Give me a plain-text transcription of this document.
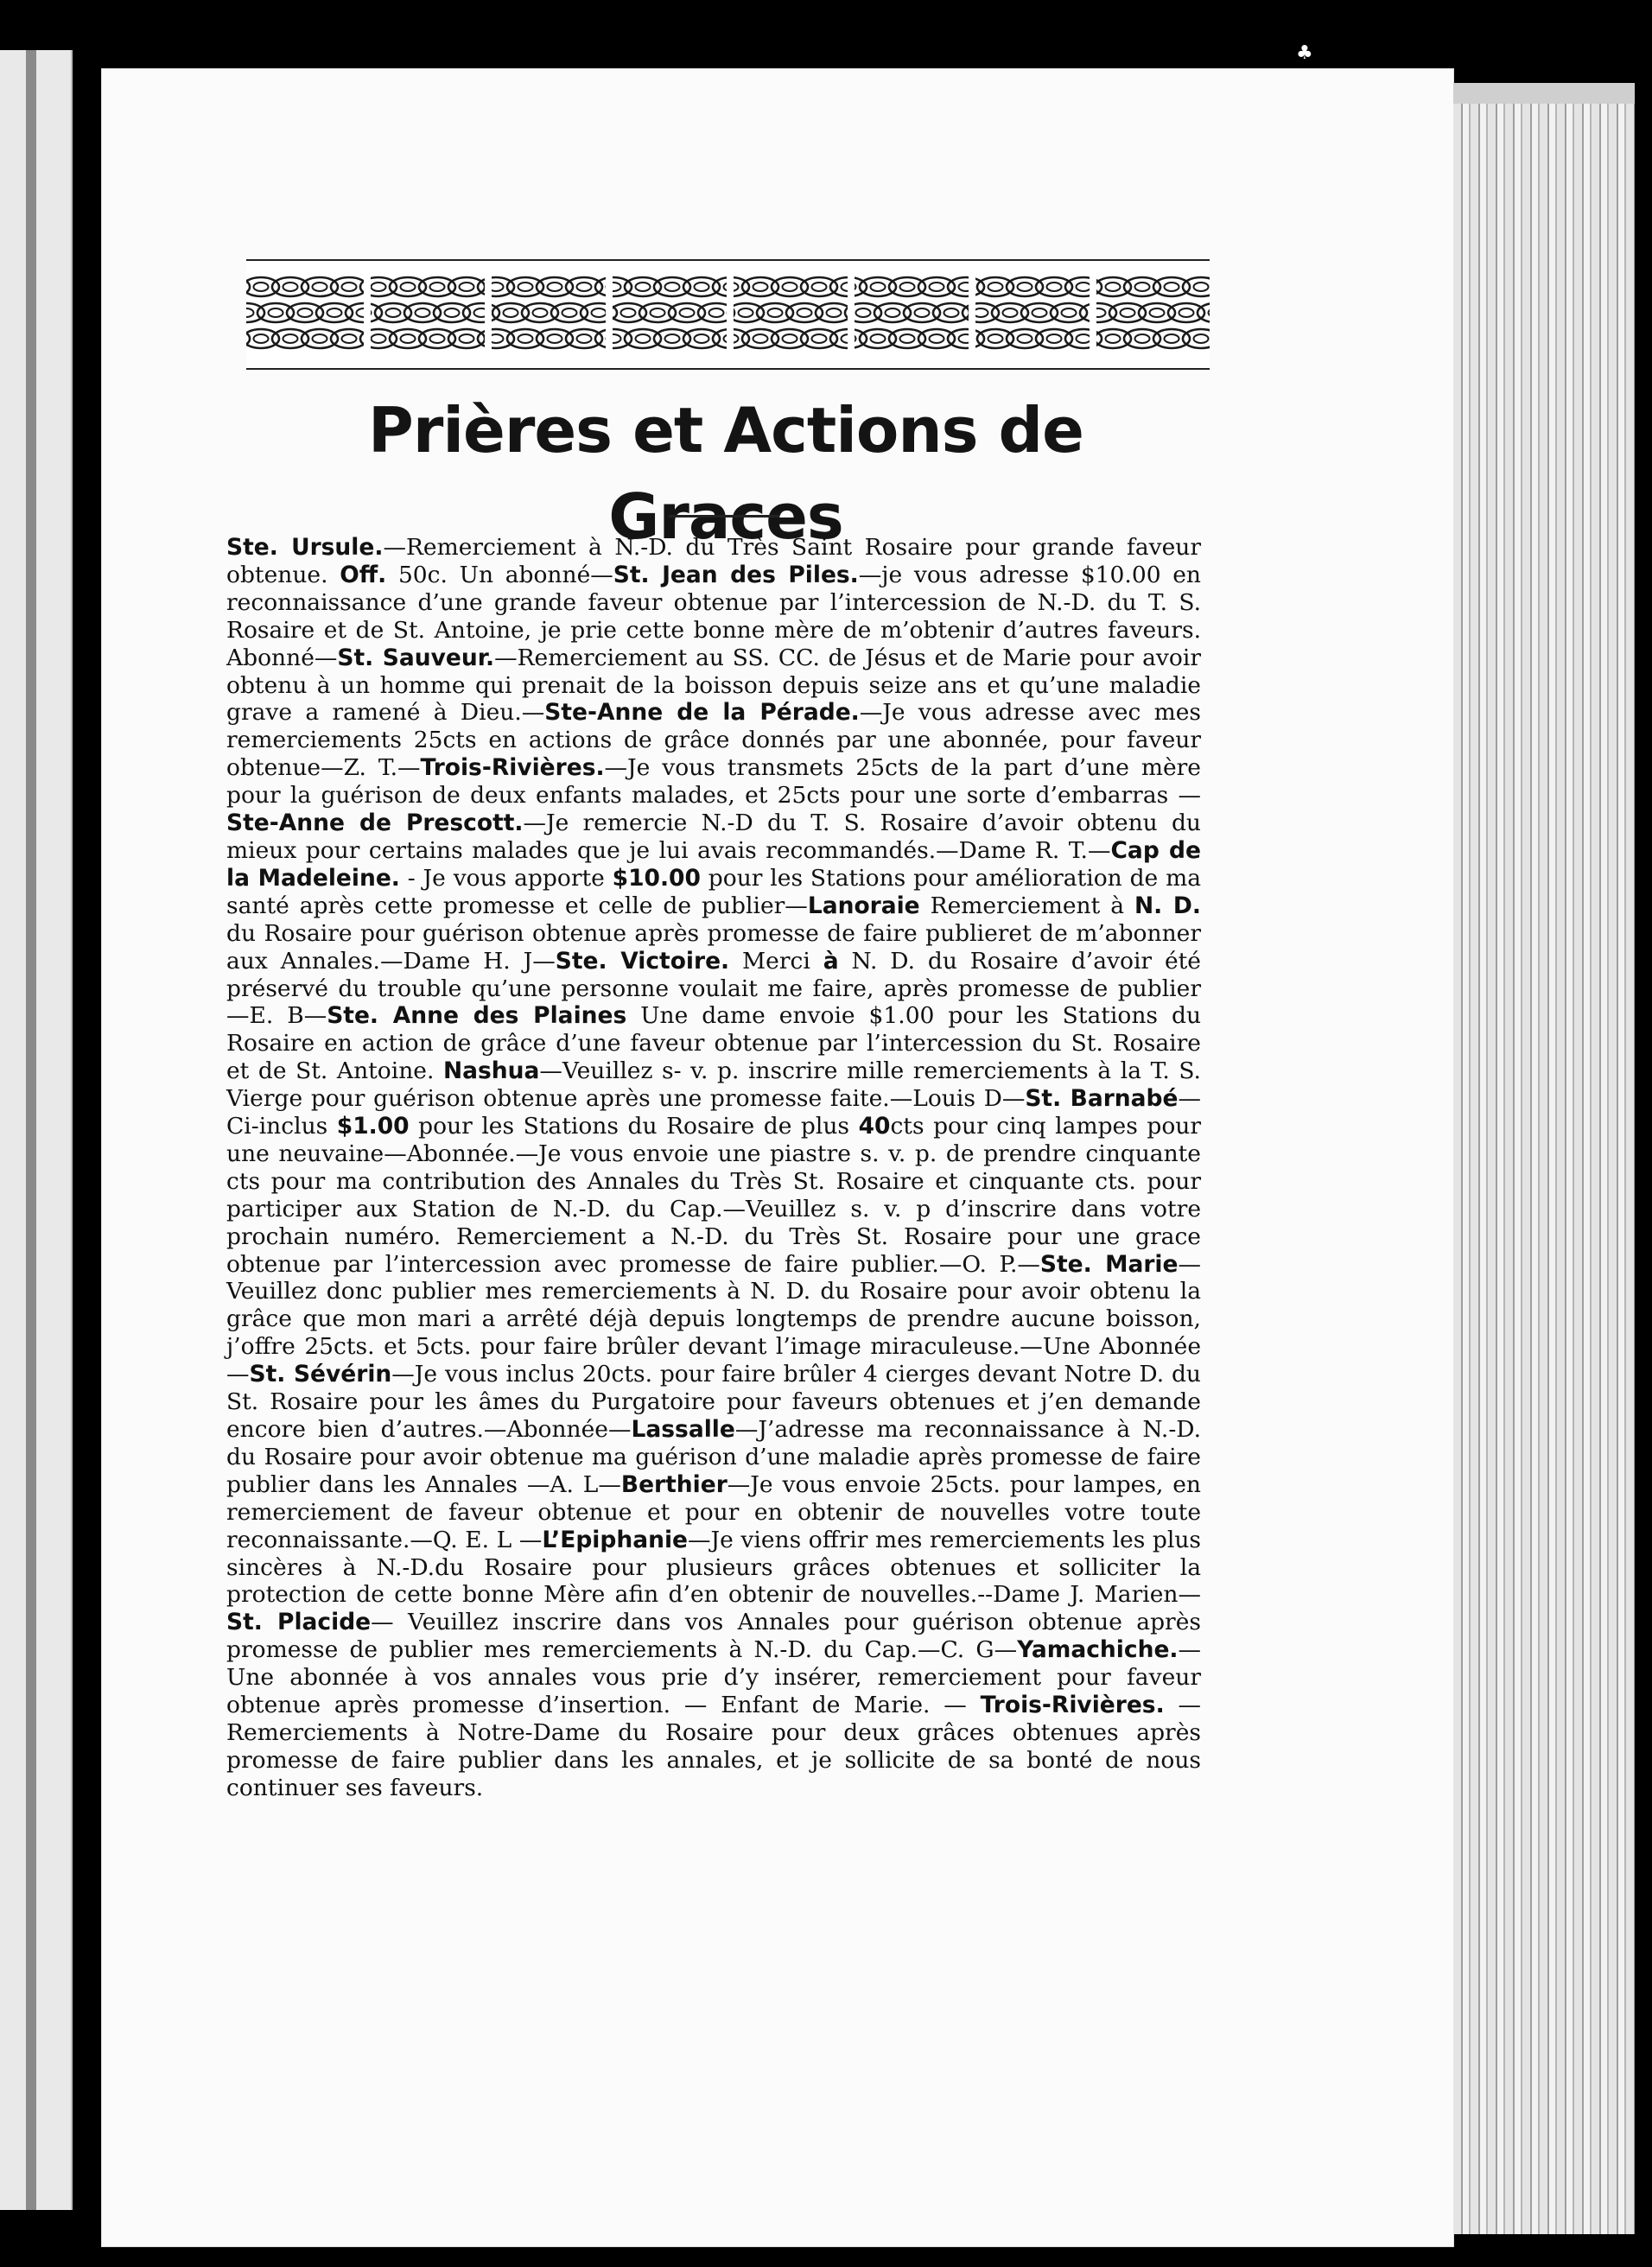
♣
Prières et Actions de Graces

Ste. Ursule.—Remerciement à N.-D. du Très Saint Rosaire pour grande faveur obtenue. Off. 50c. Un abonné—St. Jean des Piles.—je vous adresse $10.00 en reconnaissance d’une grande faveur obtenue par l’intercession de N.-D. du T. S. Rosaire et de St. Antoine, je prie cette bonne mère de m’obtenir d’autres faveurs. Abonné—St. Sauveur.—Remerciement au SS. CC. de Jésus et de Marie pour avoir obtenu à un homme qui prenait de la boisson depuis seize ans et qu’une maladie grave a ramené à Dieu.—Ste-Anne de la Pérade.—Je vous adresse avec mes remerciements 25cts en actions de grâce donnés par une abonnée, pour faveur obtenue—Z. T.—Trois-Rivières.—Je vous transmets 25cts de la part d’une mère pour la guérison de deux enfants malades, et 25cts pour une sorte d’embarras —Ste-Anne de Prescott.—Je remercie N.-D du T. S. Rosaire d’avoir obtenu du mieux pour certains malades que je lui avais recommandés.—Dame R. T.—Cap de la Madeleine. - Je vous apporte $10.00 pour les Stations pour amélioration de ma santé après cette promesse et celle de publier—Lanoraie Remerciement à N. D. du Rosaire pour guérison obtenue après promesse de faire publieret de m’abonner aux Annales.—Dame H. J—Ste. Victoire. Merci à N. D. du Rosaire d’avoir été préservé du trouble qu’une personne voulait me faire, après promesse de publier —E. B—Ste. Anne des Plaines Une dame envoie $1.00 pour les Stations du Rosaire en action de grâce d’une faveur obtenue par l’intercession du St. Rosaire et de St. Antoine. Nashua—Veuillez s- v. p. inscrire mille remerciements à la T. S. Vierge pour guérison obtenue après une promesse faite.—Louis D—St. Barnabé— Ci-inclus $1.00 pour les Stations du Rosaire de plus 40cts pour cinq lampes pour une neuvaine—Abonnée.—Je vous envoie une piastre s. v. p. de prendre cinquante cts pour ma contribution des Annales du Très St. Rosaire et cinquante cts. pour participer aux Station de N.-D. du Cap.—Veuillez s. v. p d’inscrire dans votre prochain numéro. Remerciement a N.-D. du Très St. Rosaire pour une grace obtenue par l’intercession avec promesse de faire publier.—O. P.—Ste. Marie—Veuillez donc publier mes remerciements à N. D. du Rosaire pour avoir obtenu la grâce que mon mari a arrêté déjà depuis longtemps de prendre aucune boisson, j’offre 25cts. et 5cts. pour faire brûler devant l’image miraculeuse.—Une Abonnée—St. Sévérin—Je vous inclus 20cts. pour faire brûler 4 cierges devant Notre D. du St. Rosaire pour les âmes du Purgatoire pour faveurs obtenues et j’en demande encore bien d’autres.—Abonnée—Lassalle—J’adresse ma reconnaissance à N.-D. du Rosaire pour avoir obtenue ma guérison d’une maladie après promesse de faire publier dans les Annales —A. L—Berthier—Je vous envoie 25cts. pour lampes, en remerciement de faveur obtenue et pour en obtenir de nouvelles votre toute reconnaissante.—Q. E. L —L’Epiphanie—Je viens offrir mes remerciements les plus sincères à N.-D.du Rosaire pour plusieurs grâces obtenues et solliciter la protection de cette bonne Mère afin d’en obtenir de nouvelles.--Dame J. Marien—St. Placide— Veuillez inscrire dans vos Annales pour guérison obtenue après promesse de publier mes remerciements à N.-D. du Cap.—C. G—Yamachiche.—Une abonnée à vos annales vous prie d’y insérer, remerciement pour faveur obtenue après promesse d’insertion. — Enfant de Marie. — Trois-Rivières. — Remerciements à Notre-Dame du Rosaire pour deux grâces obtenues après promesse de faire publier dans les annales, et je sollicite de sa bonté de nous continuer ses faveurs.
